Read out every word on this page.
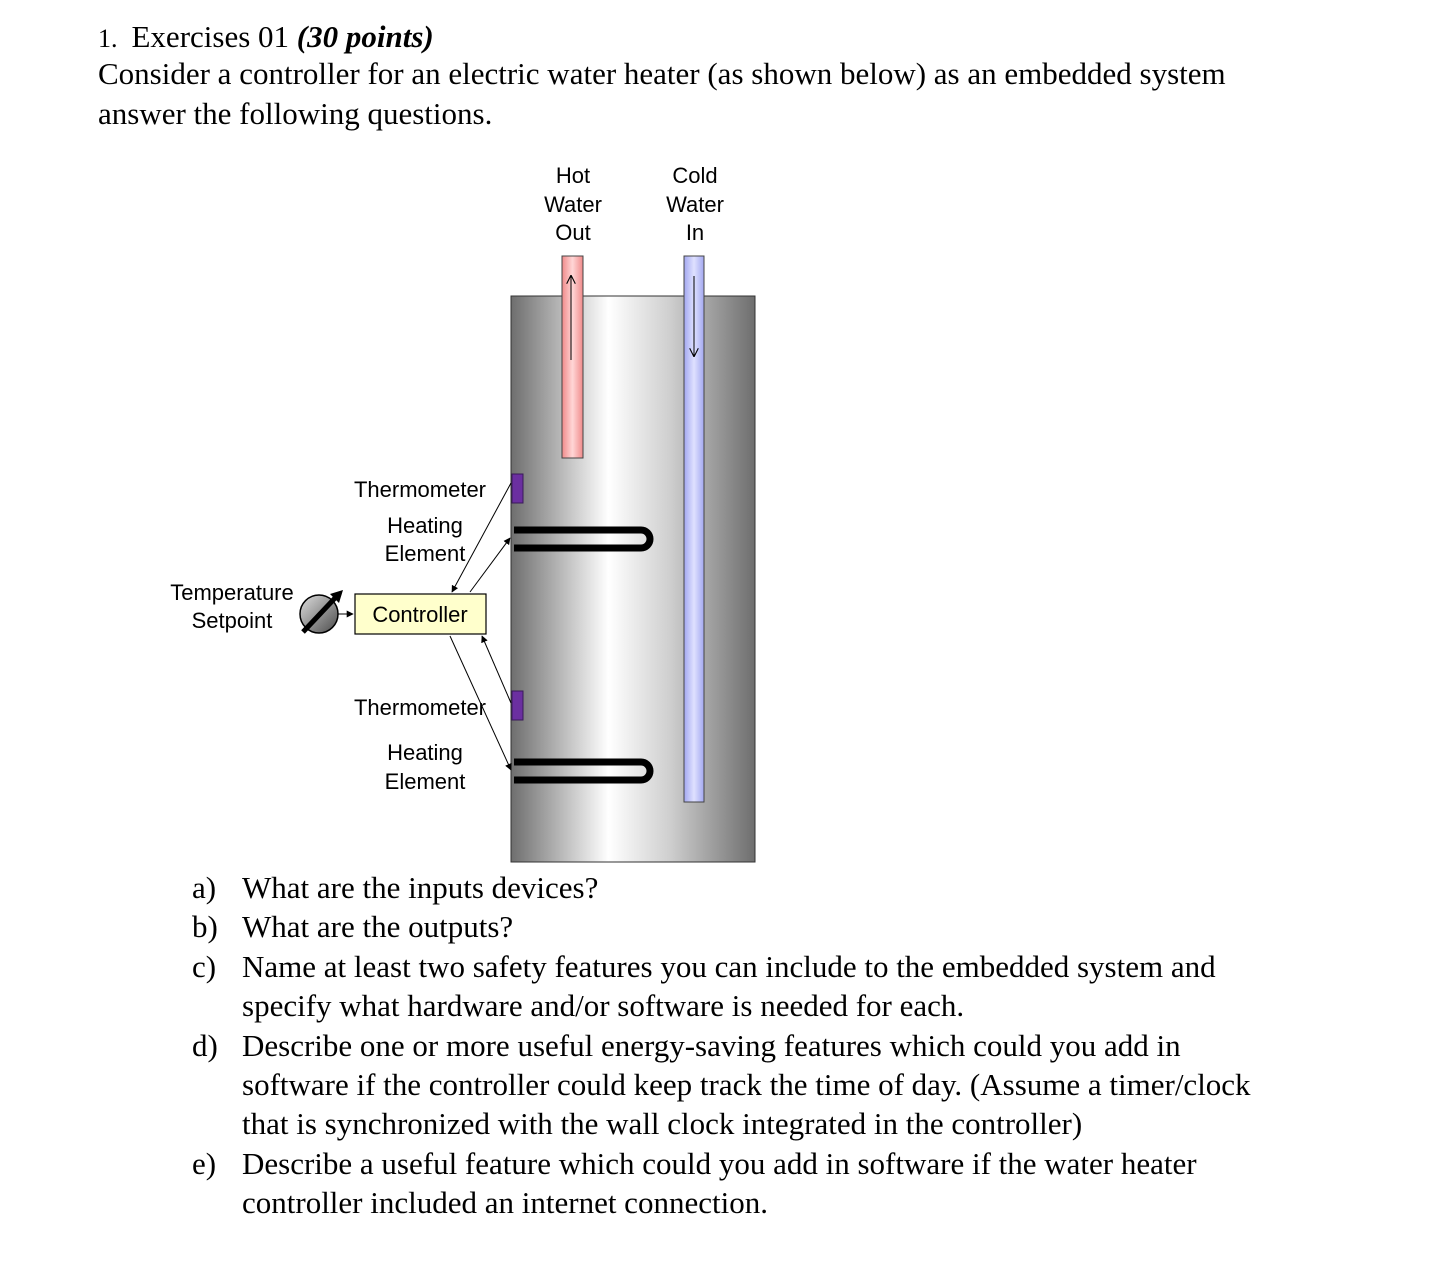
1. Exercises 01 (30 points)
Consider a controller for an electric water heater (as shown below) as an embedded system
answer the following questions.
Hot
Water
Out
Cold
Water
In
Thermometer
Heating
Element
Temperature
Setpoint	Controller
Thermometer
Heating
Element
a) What are the inputs devices?
b) What are the outputs?
c) Name at least two safety features you can include to the embedded system and
specify what hardware and/or software is needed for each.
d) Describe one or more useful energy-saving features which could you add in
software if the controller could keep track the time of day. (Assume a timer/clock
that is synchronized with the wall clock integrated in the controller)
e) Describe a useful feature which could you add in software if the water heater
controller included an internet connection.
